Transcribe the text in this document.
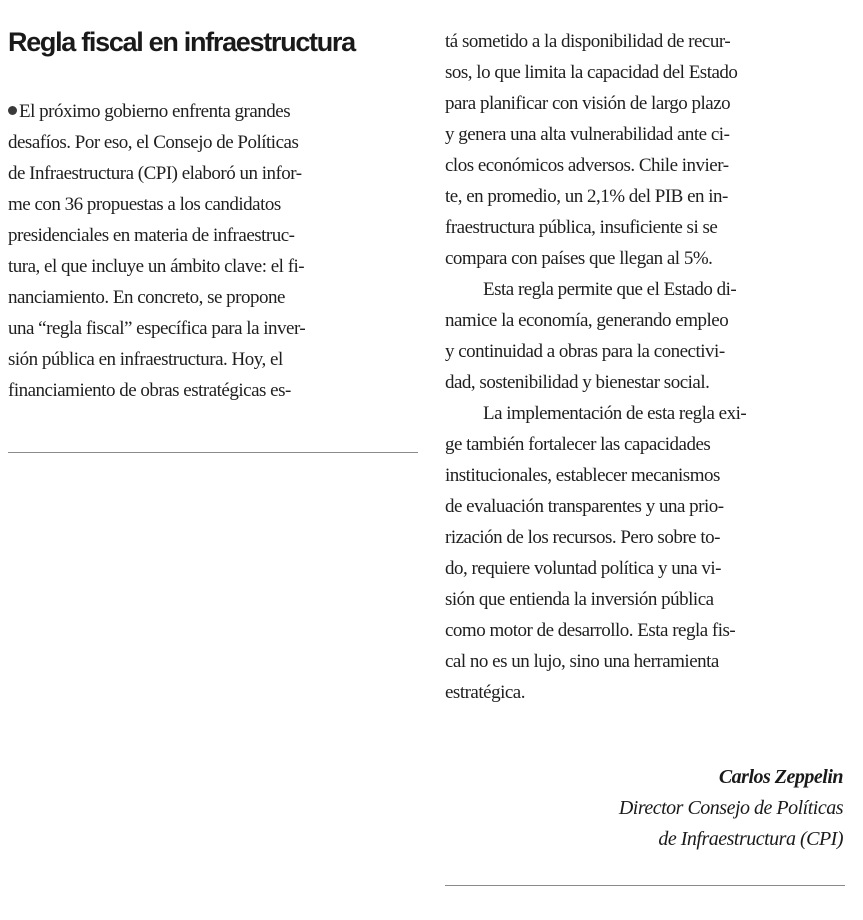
Regla fiscal en infraestructura
El próximo gobierno enfrenta grandes
desafíos. Por eso, el Consejo de Políticas
de Infraestructura (CPI) elaboró un infor-
me con 36 propuestas a los candidatos
presidenciales en materia de infraestruc-
tura, el que incluye un ámbito clave: el fi-
nanciamiento. En concreto, se propone
una “regla fiscal” específica para la inver-
sión pública en infraestructura. Hoy, el
financiamiento de obras estratégicas es-
tá sometido a la disponibilidad de recur-
sos, lo que limita la capacidad del Estado
para planificar con visión de largo plazo
y genera una alta vulnerabilidad ante ci-
clos económicos adversos. Chile invier-
te, en promedio, un 2,1% del PIB en in-
fraestructura pública, insuficiente si se
compara con países que llegan al 5%.
Esta regla permite que el Estado di-
namice la economía, generando empleo
y continuidad a obras para la conectivi-
dad, sostenibilidad y bienestar social.
La implementación de esta regla exi-
ge también fortalecer las capacidades
institucionales, establecer mecanismos
de evaluación transparentes y una prio-
rización de los recursos. Pero sobre to-
do, requiere voluntad política y una vi-
sión que entienda la inversión pública
como motor de desarrollo. Esta regla fis-
cal no es un lujo, sino una herramienta
estratégica.
Carlos Zeppelin
Director Consejo de Políticas
de Infraestructura (CPI)
